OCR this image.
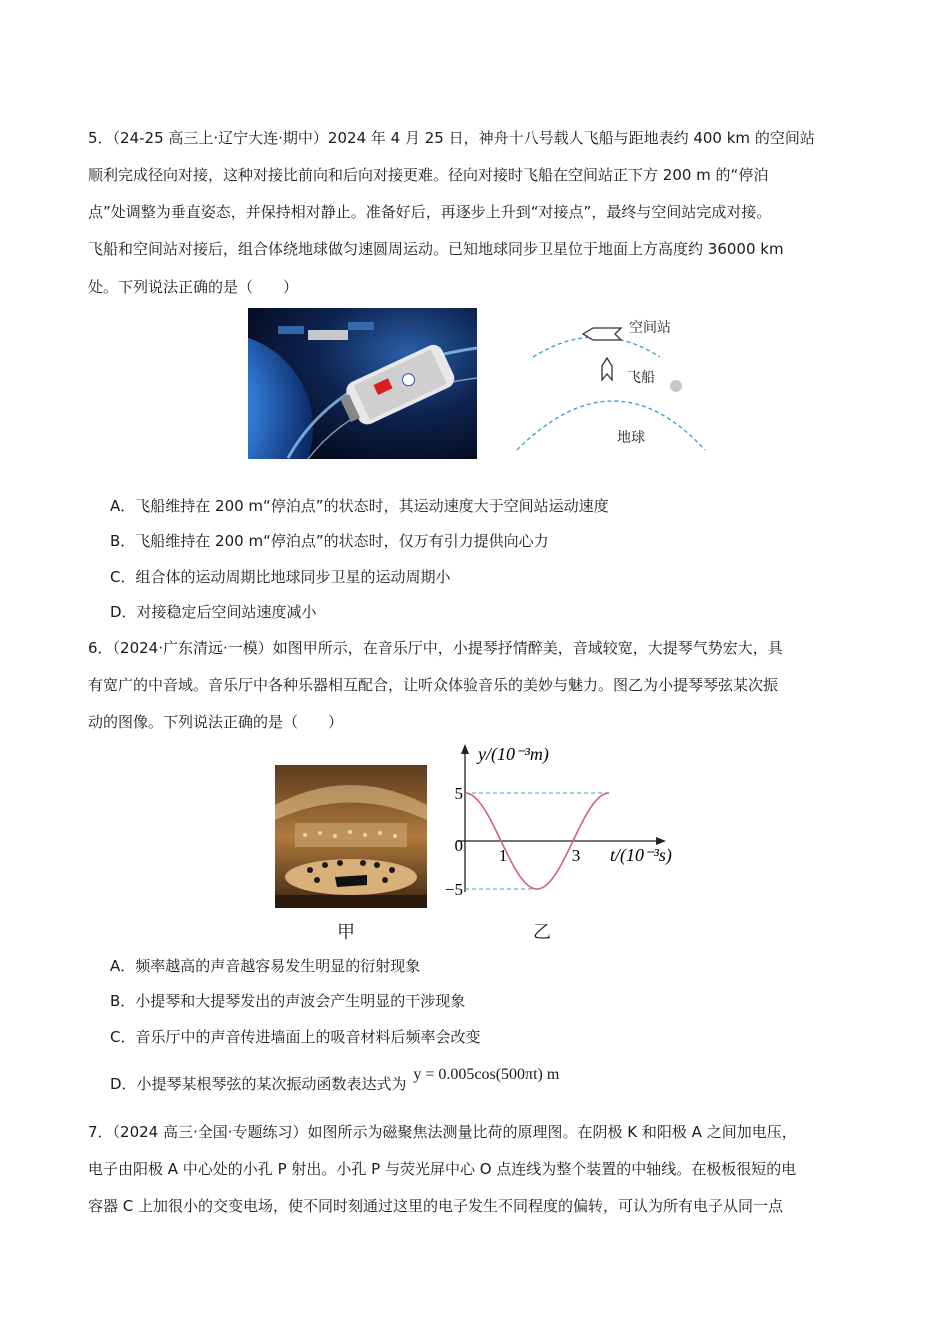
5．（24-25 高三上·辽宁大连·期中）2024 年 4 月 25 日，神舟十八号载人飞船与距地表约 400 km 的空间站
顺利完成径向对接，这种对接比前向和后向对接更难。径向对接时飞船在空间站正下方 200 m 的“停泊
点”处调整为垂直姿态，并保持相对静止。准备好后，再逐步上升到“对接点”，最终与空间站完成对接。
飞船和空间站对接后，组合体绕地球做匀速圆周运动。已知地球同步卫星位于地面上方高度约 36000 km
处。下列说法正确的是（　　）
空间站
飞船
地球
A．飞船维持在 200 m“停泊点”的状态时，其运动速度大于空间站运动速度
B．飞船维持在 200 m“停泊点”的状态时，仅万有引力提供向心力
C．组合体的运动周期比地球同步卫星的运动周期小
D．对接稳定后空间站速度减小
6．（2024·广东清远·一模）如图甲所示，在音乐厅中，小提琴抒情醉美，音域较宽，大提琴气势宏大，具
有宽广的中音域。音乐厅中各种乐器相互配合，让听众体验音乐的美妙与魅力。图乙为小提琴琴弦某次振
动的图像。下列说法正确的是（　　）
甲	乙
y/(10⁻³m)
t/(10⁻³s)
5
0
−5
1	3
A．频率越高的声音越容易发生明显的衍射现象
B．小提琴和大提琴发出的声波会产生明显的干涉现象
C．音乐厅中的声音传进墙面上的吸音材料后频率会改变
D．小提琴某根琴弦的某次振动函数表达式为 y = 0.005cos(500πt) m
7．（2024 高三·全国·专题练习）如图所示为磁聚焦法测量比荷的原理图。在阴极 K 和阳极 A 之间加电压，
电子由阳极 A 中心处的小孔 P 射出。小孔 P 与荧光屏中心 O 点连线为整个装置的中轴线。在极板很短的电
容器 C 上加很小的交变电场，使不同时刻通过这里的电子发生不同程度的偏转，可认为所有电子从同一点
